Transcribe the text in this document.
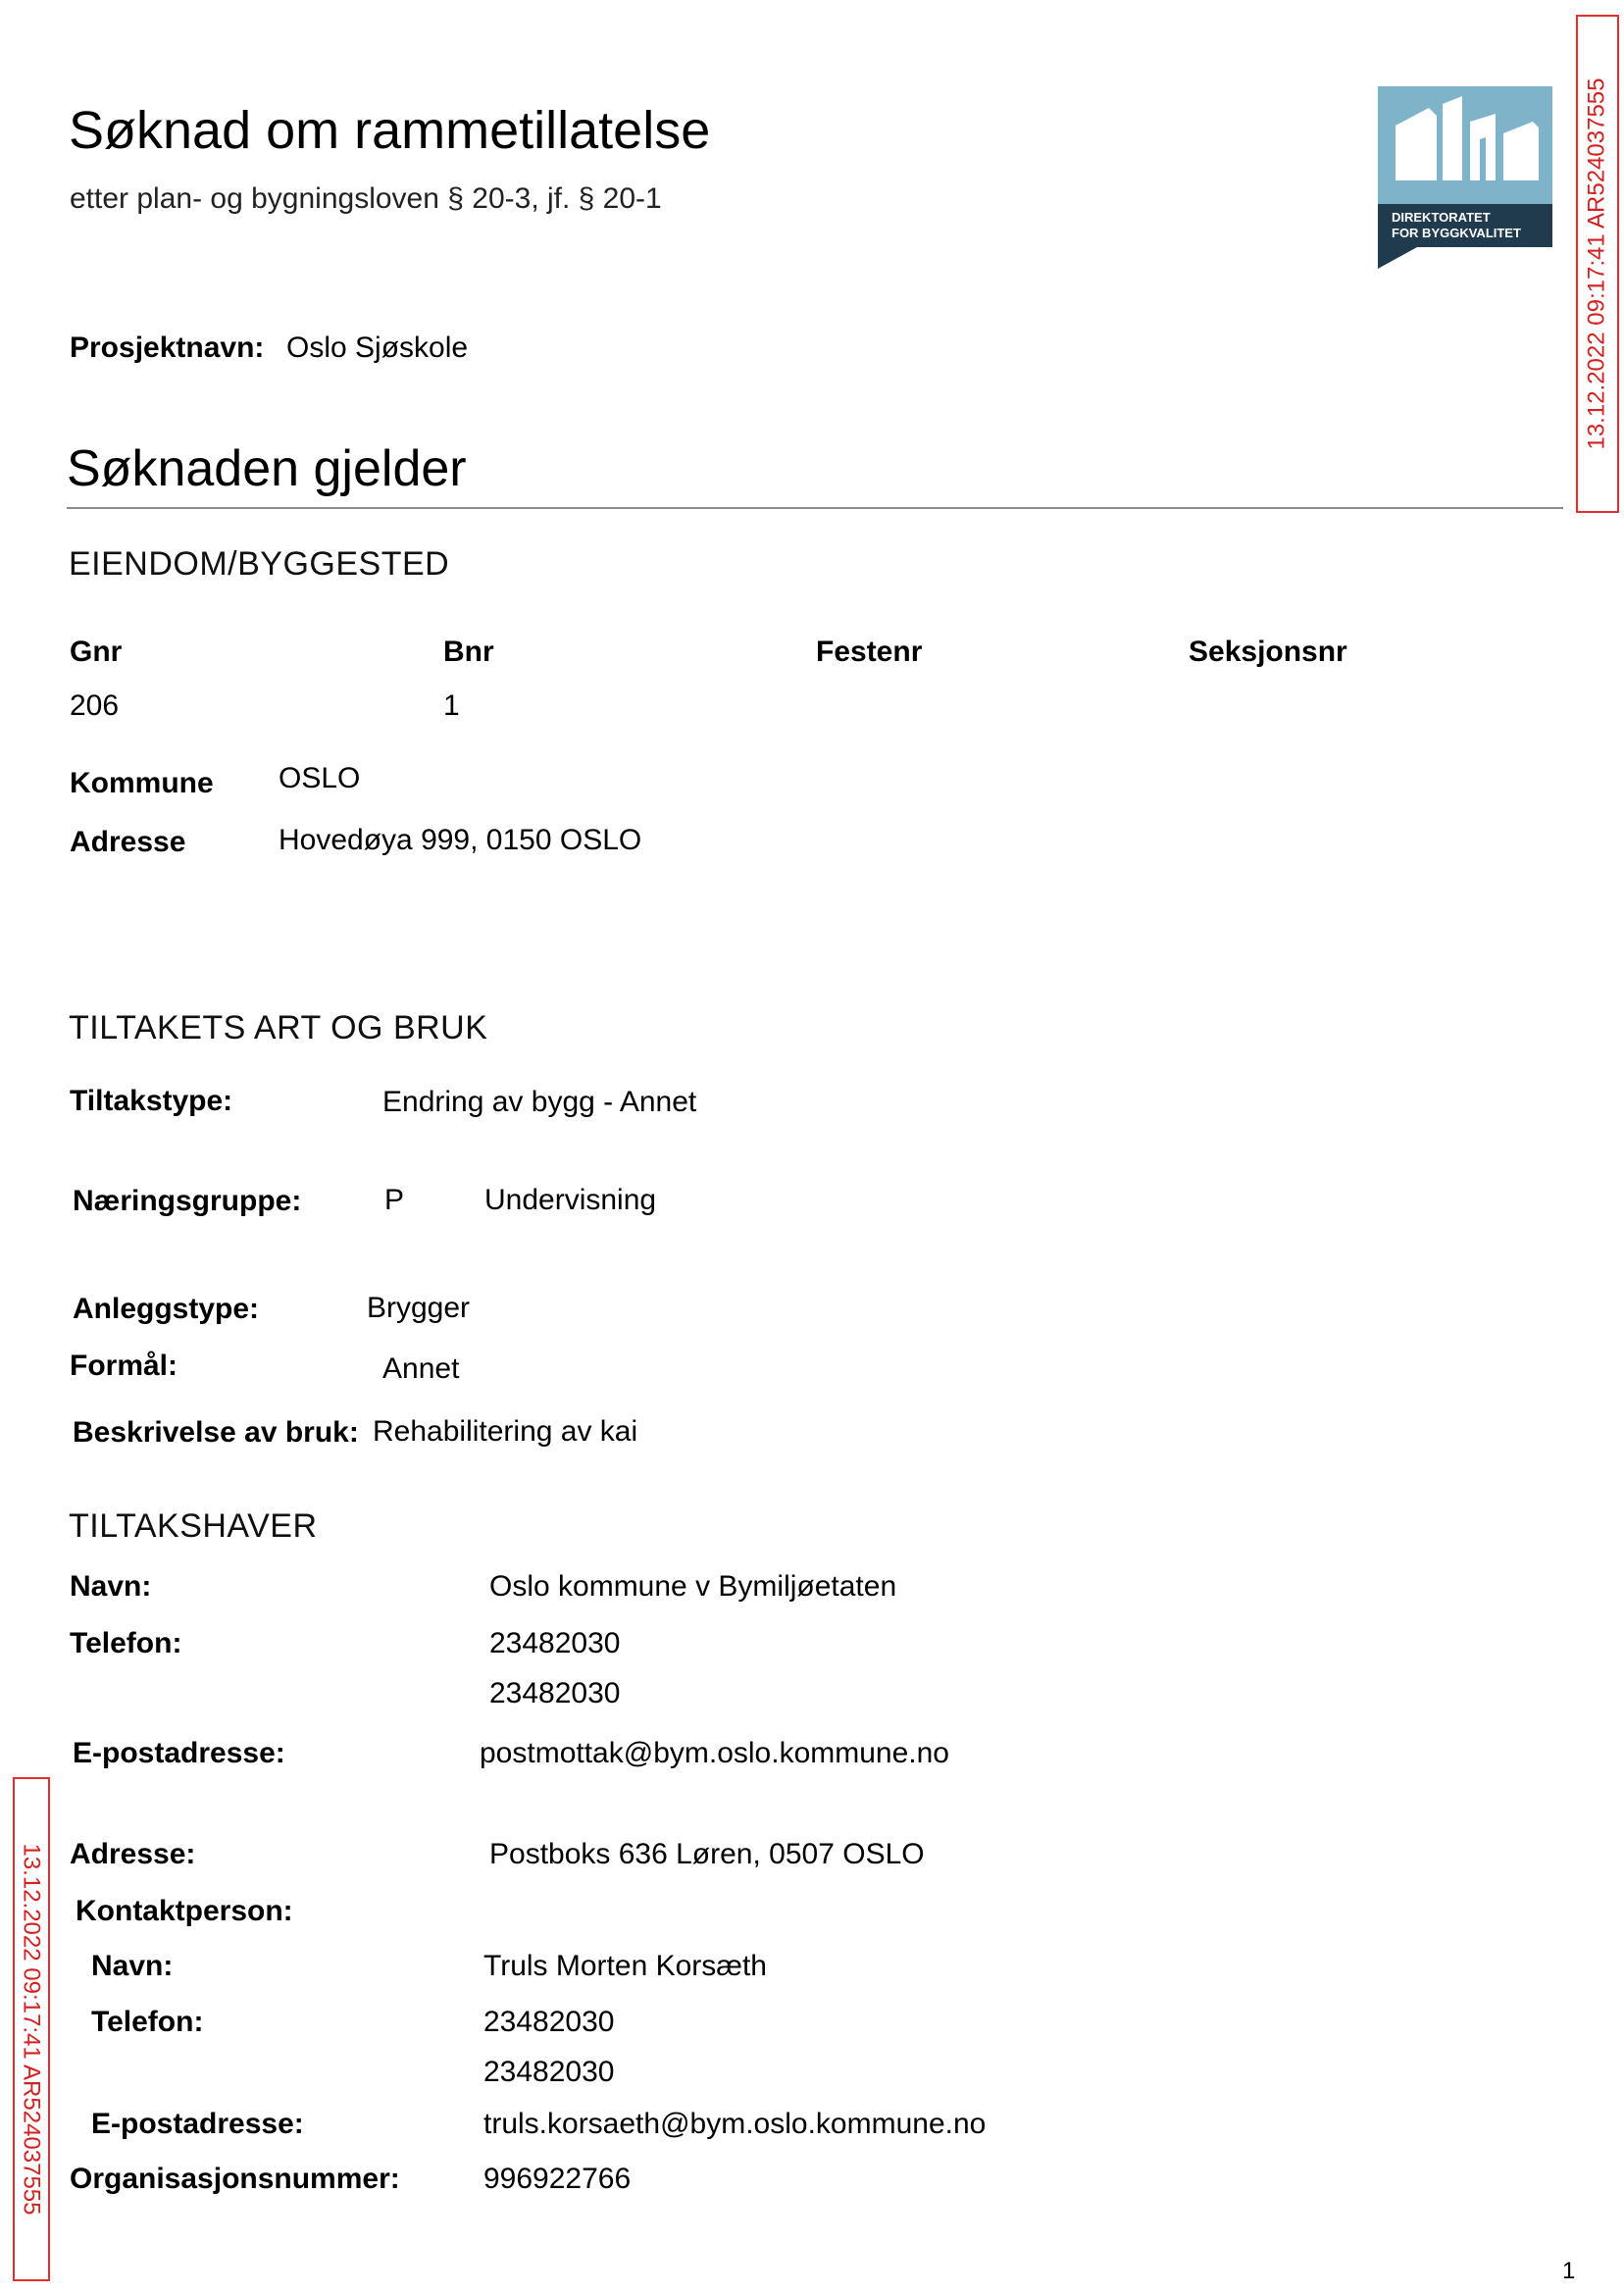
Søknad om rammetillatelse
etter plan- og bygningsloven § 20-3, jf. § 20-1
DIREKTORATET
FOR BYGGKVALITET
Prosjektnavn: Oslo Sjøskole
Søknaden gjelder
EIENDOM/BYGGESTED
Gnr	Bnr	Festenr	Seksjonsnr
206	1
Kommune OSLO
Adresse	Hovedøya 999, 0150 OSLO
TILTAKETS ART OG BRUK
Tiltakstype:	Endring av bygg - Annet
Næringsgruppe:	P	Undervisning
Anleggstype:	Brygger
Formål:	Annet
Beskrivelse av bruk: Rehabilitering av kai
TILTAKSHAVER
Navn:	Oslo kommune v Bymiljøetaten
Telefon:	23482030
23482030
E-postadresse:	postmottak@bym.oslo.kommune.no
Adresse:	Postboks 636 Løren, 0507 OSLO
Kontaktperson:
Navn:	Truls Morten Korsæth
Telefon:	23482030
23482030
E-postadresse:	truls.korsaeth@bym.oslo.kommune.no
Organisasjonsnummer:	996922766
13.12.2022 09:17:41 AR524037555
13.12.2022 09:17:41 AR524037555
1
